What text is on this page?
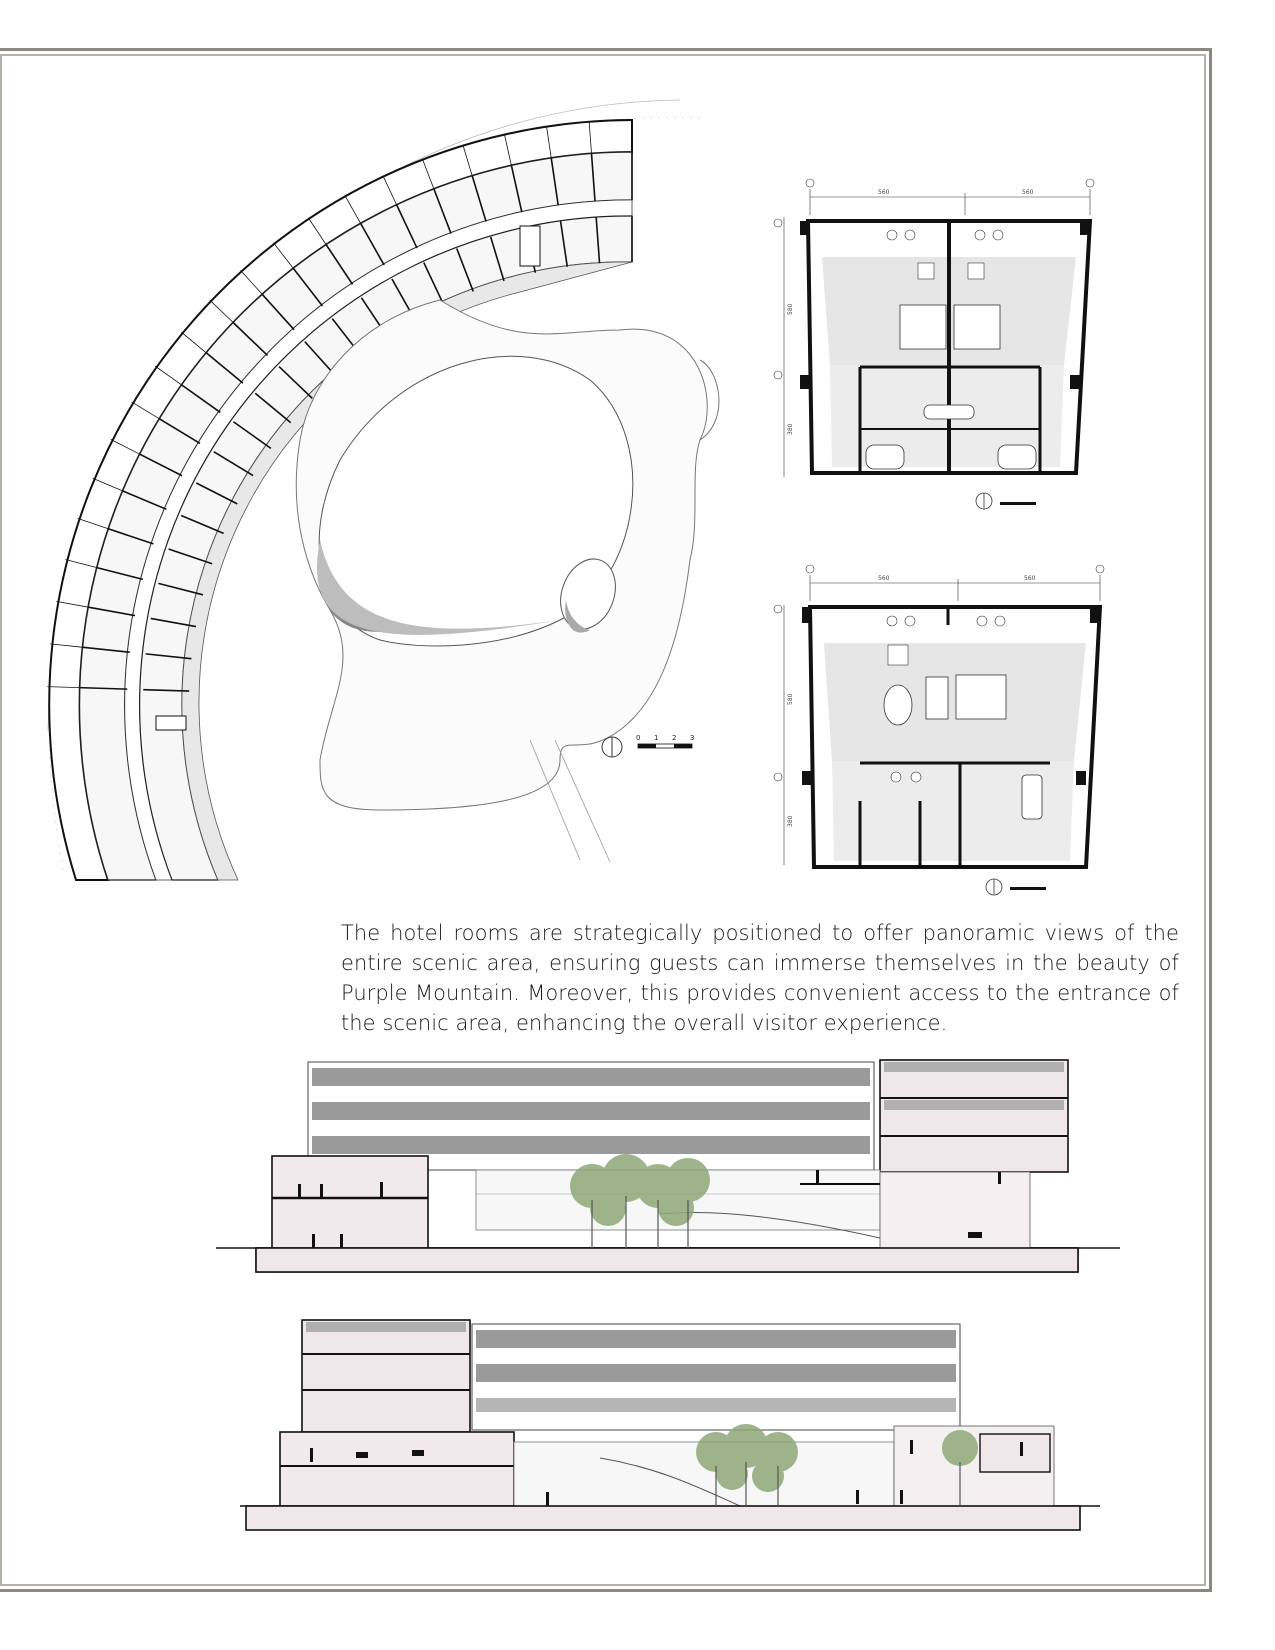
0 1 2 3
560	560
580
380
560	560
580
380

The hotel rooms are strategically positioned to offer panoramic views of the entire scenic area, ensuring guests can immerse themselves in the beauty of Purple Mountain. Moreover, this provides convenient access to the entrance of the scenic area, enhancing the overall visitor experience.
